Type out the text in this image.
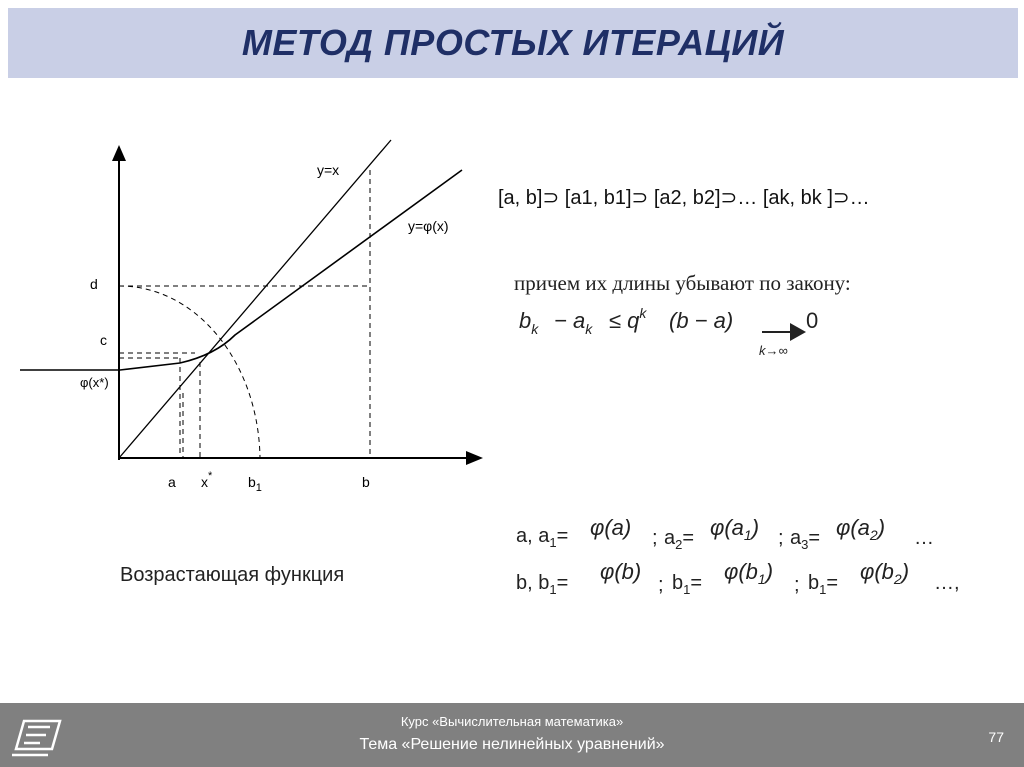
МЕТОД ПРОСТЫХ ИТЕРАЦИЙ
y=x
y=φ(x)
d
c
φ(x*)
a x*	$b_1$	b
[a, b]⊃ [a1, b1]⊃ [a2, b2]⊃… [ak, bk ]⊃…
причем их длины убывают по закону:
$b_k - a_k \le q^k$ (b − a)	0
k→∞
a, $a_1= \varphi(a)$ ; $a_2= \varphi(a_1)$ ; $a_3= \varphi(a_2)$ …
b, $b_1= \varphi(b)$
; $b_1= \varphi(b_1)$
; $b_1= \varphi(b_2)$ …,
Возрастающая функция
Курс «Вычислительная математика»
Тема «Решение нелинейных уравнений»	77
